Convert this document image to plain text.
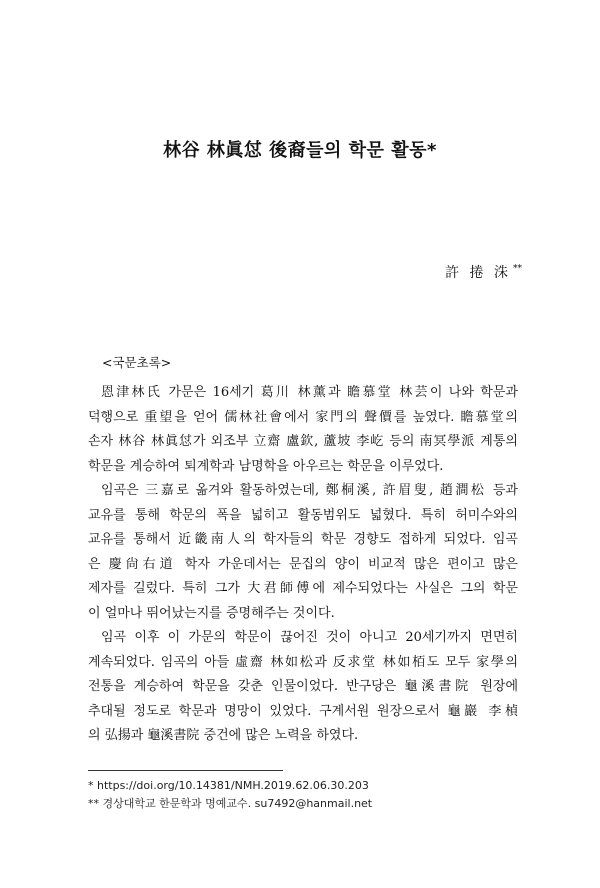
林谷 林眞怤 後裔들의 학문 활동*
許 捲 洙 **
<국문초록>
恩津林氏 가문은 16세기 葛川 林薰과 瞻慕堂 林芸이 나와 학문과
덕행으로 重望을 얻어 儒林社會에서 家門의 聲價를 높였다. 瞻慕堂의
손자 林谷 林眞怤가 외조부 立齋 盧欽, 蘆坡 李屹 등의 南冥學派 계통의
학문을 계승하여 퇴계학과 남명학을 아우르는 학문을 이루었다.
임곡은 三嘉로 옮겨와 활동하였는데, 鄭桐溪, 許眉叟, 趙澗松 등과
교유를 통해 학문의 폭을 넓히고 활동범위도 넓혔다. 특히 허미수와의
교유를 통해서 近畿南人의 학자들의 학문 경향도 접하게 되었다. 임곡
은 慶尙右道 학자 가운데서는 문집의 양이 비교적 많은 편이고 많은
제자를 길렀다. 특히 그가 大君師傅에 제수되었다는 사실은 그의 학문
이 얼마나 뛰어났는지를 증명해주는 것이다.
임곡 이후 이 가문의 학문이 끊어진 것이 아니고 20세기까지 면면히
계속되었다. 임곡의 아들 虛齋 林如松과 反求堂 林如栢도 모두 家學의
전통을 계승하여 학문을 갖춘 인물이었다. 반구당은 龜溪書院 원장에
추대될 정도로 학문과 명망이 있었다. 구계서원 원장으로서 龜巖 李楨
의 弘揚과 龜溪書院 중건에 많은 노력을 하였다.
* https://doi.org/10.14381/NMH.2019.62.06.30.203
** 경상대학교 한문학과 명예교수. su7492@hanmail.net
